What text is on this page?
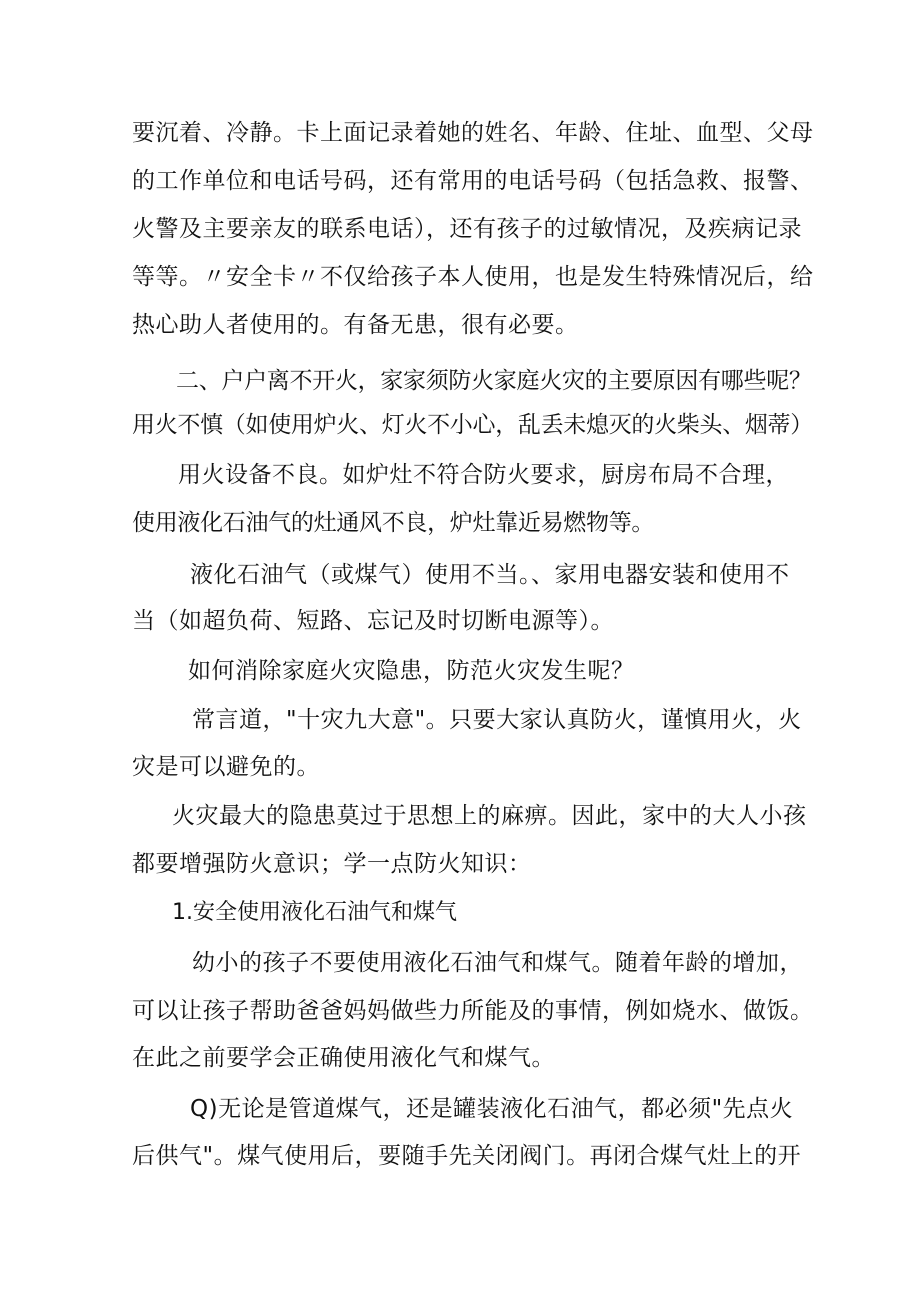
要沉着、冷静。卡上面记录着她的姓名、年龄、住址、血型、父母
的工作单位和电话号码，还有常用的电话号码（包括急救、报警、
火警及主要亲友的联系电话），还有孩子的过敏情况，及疾病记录
等等。〃安全卡〃不仅给孩子本人使用，也是发生特殊情况后，给
热心助人者使用的。有备无患，很有必要。
二、户户离不开火，家家须防火家庭火灾的主要原因有哪些呢？
用火不慎（如使用炉火、灯火不小心，乱丢未熄灭的火柴头、烟蒂）
用火设备不良。如炉灶不符合防火要求，厨房布局不合理，
使用液化石油气的灶通风不良，炉灶靠近易燃物等。
液化石油气（或煤气）使用不当。、家用电器安装和使用不
当（如超负荷、短路、忘记及时切断电源等）。
如何消除家庭火灾隐患，防范火灾发生呢？
常言道，"十灾九大意"。只要大家认真防火，谨慎用火，火
灾是可以避免的。
火灾最大的隐患莫过于思想上的麻痹。因此，家中的大人小孩
都要增强防火意识；学一点防火知识：
1.安全使用液化石油气和煤气
幼小的孩子不要使用液化石油气和煤气。随着年龄的增加，
可以让孩子帮助爸爸妈妈做些力所能及的事情，例如烧水、做饭。
在此之前要学会正确使用液化气和煤气。
Q)无论是管道煤气，还是罐装液化石油气，都必须"先点火
后供气"。煤气使用后，要随手先关闭阀门。再闭合煤气灶上的开
